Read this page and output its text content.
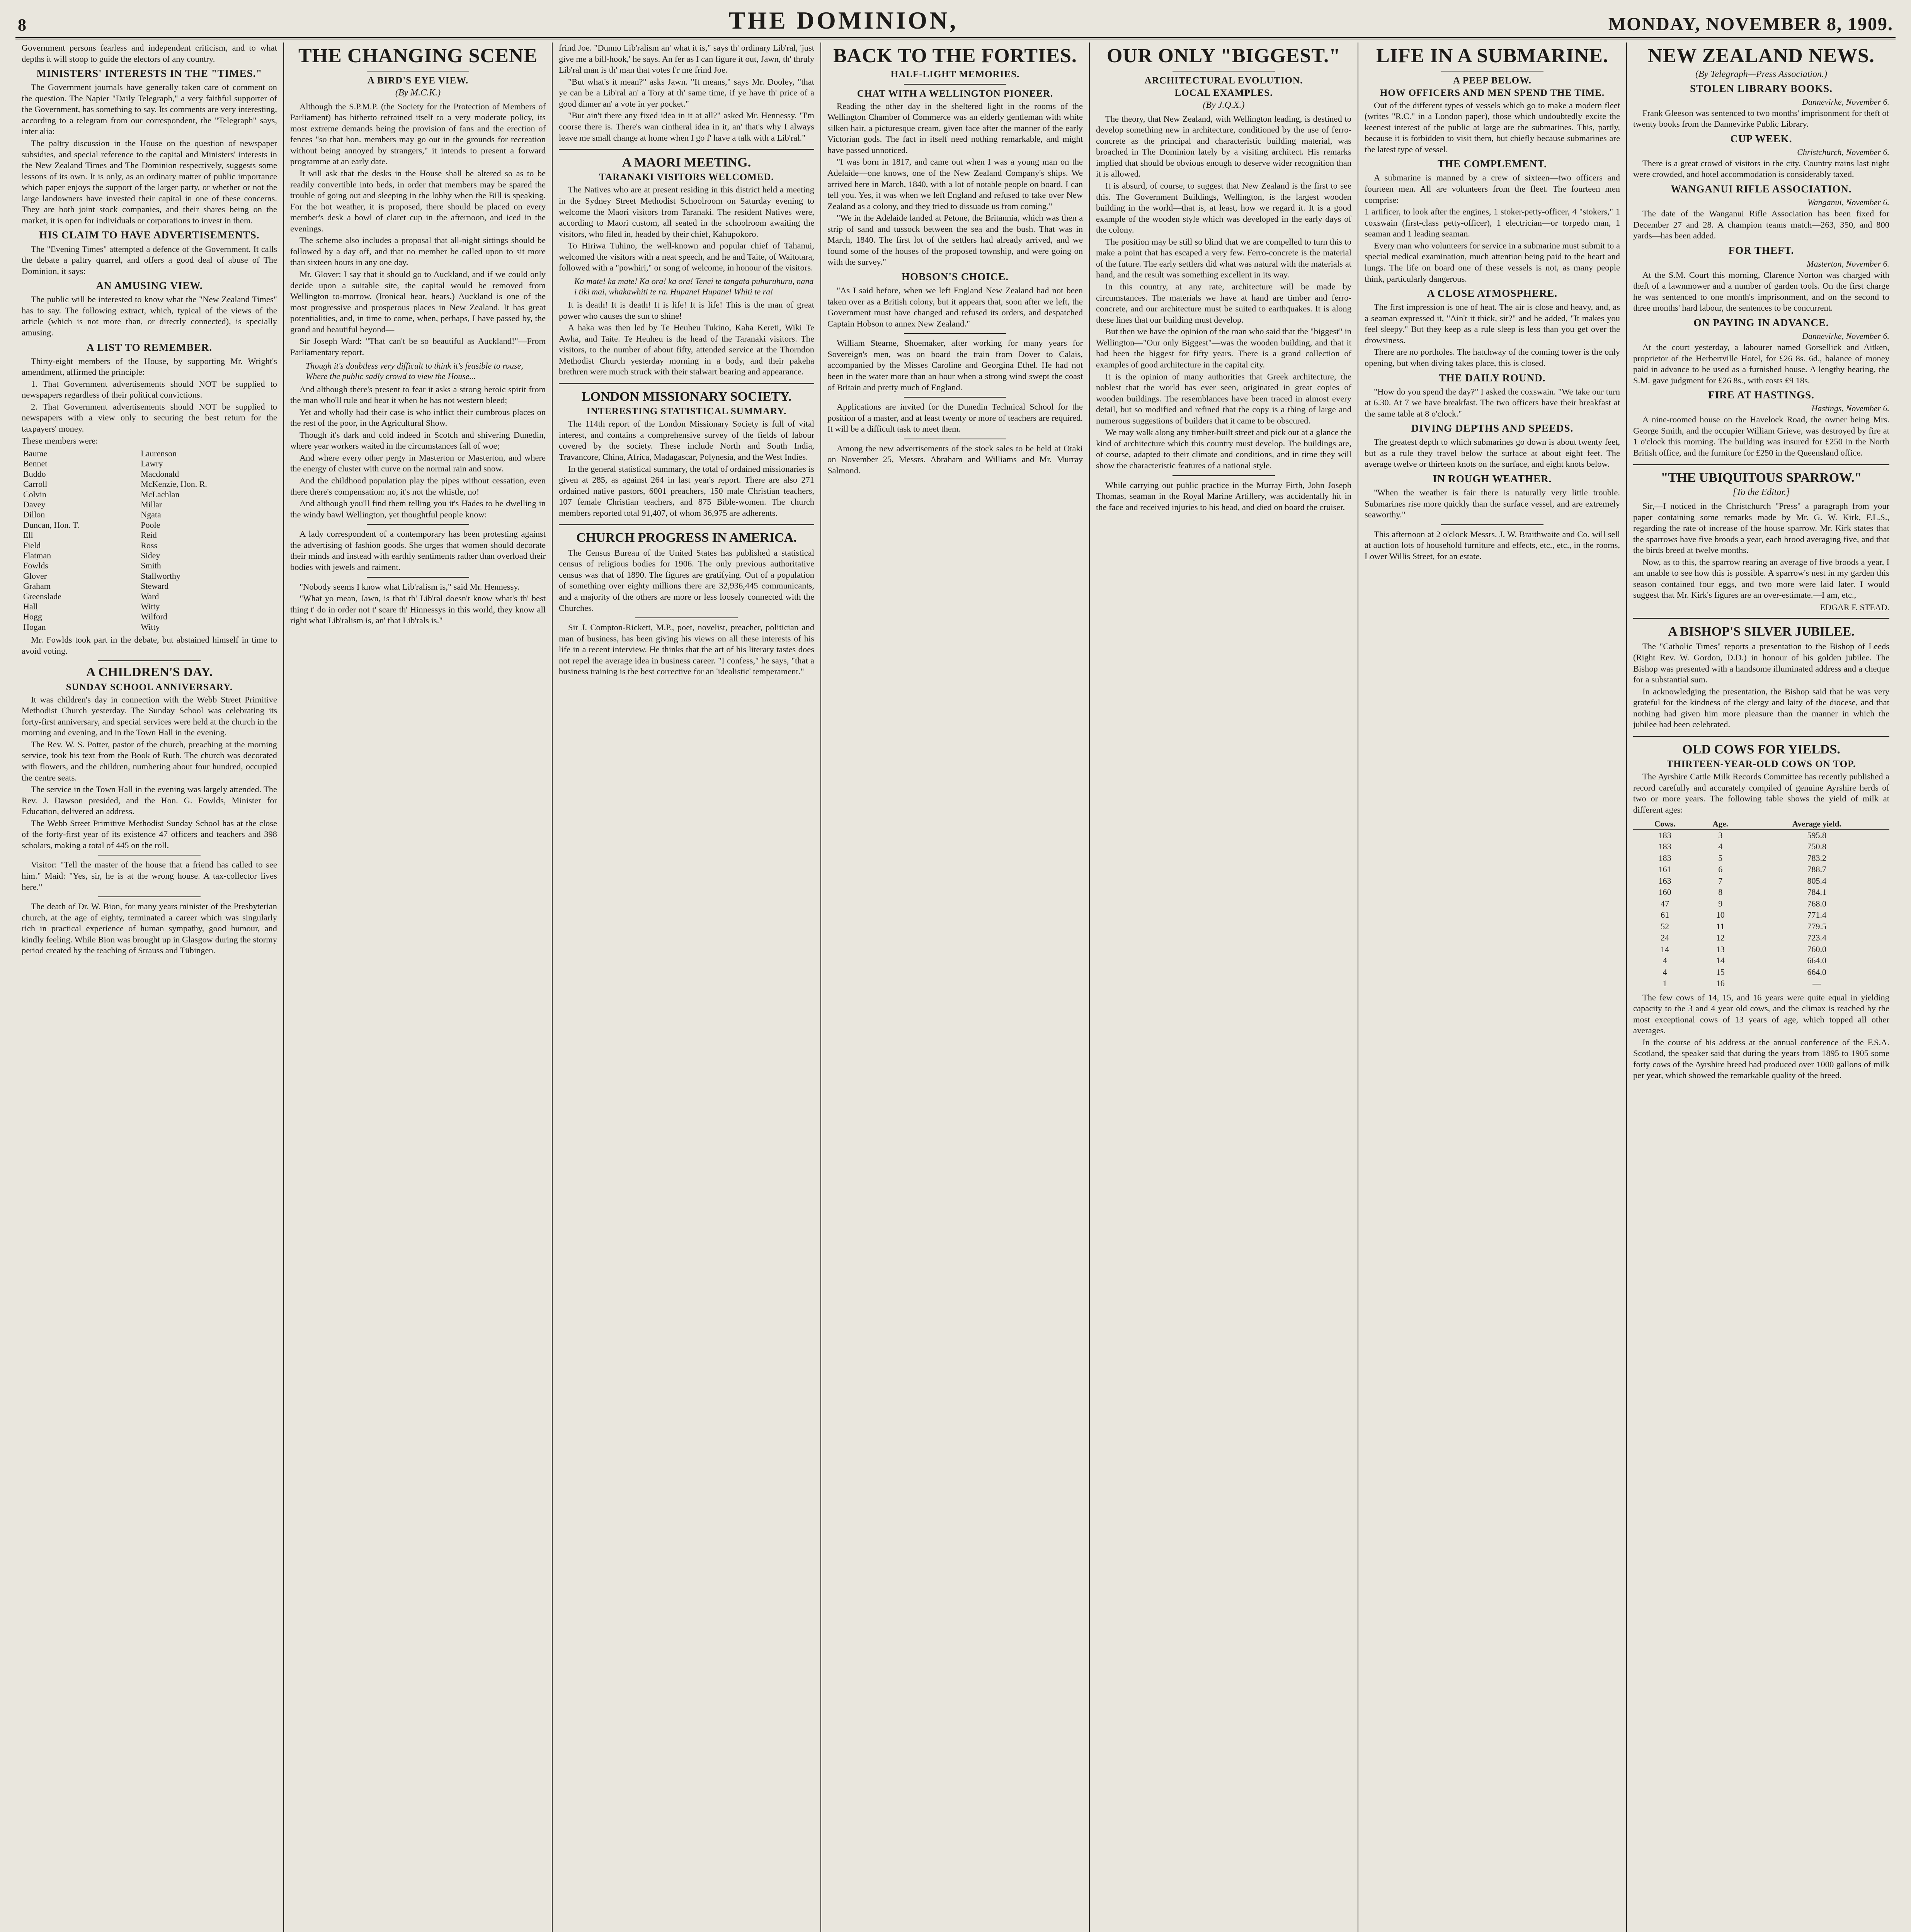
8	THE DOMINION,	MONDAY, NOVEMBER 8, 1909.

Government persons fearless and independent criticism, and to what depths it will stoop to guide the electors of any country.

MINISTERS' INTERESTS IN THE "TIMES."

The Government journals have generally taken care of comment on the question. The Napier "Daily Telegraph," a very faithful supporter of the Government, has something to say. Its comments are very interesting, according to a telegram from our correspondent, the "Telegraph" says, inter alia:

The paltry discussion in the House on the question of newspaper subsidies, and special reference to the capital and Ministers' interests in the New Zealand Times and The Dominion respectively, suggests some lessons of its own. It is only, as an ordinary matter of public importance which paper enjoys the support of the larger party, or whether or not the large landowners have invested their capital in one of these concerns. They are both joint stock companies, and their shares being on the market, it is open for individuals or corporations to invest in them.

HIS CLAIM TO HAVE ADVERTISEMENTS.

The "Evening Times" attempted a defence of the Government. It calls the debate a paltry quarrel, and offers a good deal of abuse of The Dominion, it says:

AN AMUSING VIEW.

The public will be interested to know what the "New Zealand Times" has to say. The following extract, which, typical of the views of the article (which is not more than, or directly connected), is specially amusing.

A LIST TO REMEMBER.

Thirty-eight members of the House, by supporting Mr. Wright's amendment, affirmed the principle:

1. That Government advertisements should NOT be supplied to newspapers regardless of their political convictions.

2. That Government advertisements should NOT be supplied to newspapers with a view only to securing the best return for the taxpayers' money.

These members were:

Baume	Laurenson
Bennet	Lawry
Buddo	Macdonald
Carroll	McKenzie, Hon. R.
Colvin	McLachlan
Davey	Millar
Dillon	Ngata
Duncan, Hon. T.	Poole
Ell	Reid
Field	Ross
Flatman	Sidey
Fowlds	Smith
Glover	Stallworthy
Graham	Steward
Greenslade	Ward
Hall	Witty
Hogg	Wilford
Hogan	Witty

Mr. Fowlds took part in the debate, but abstained himself in time to avoid voting.

A CHILDREN'S DAY.
SUNDAY SCHOOL ANNIVERSARY.

It was children's day in connection with the Webb Street Primitive Methodist Church yesterday. The Sunday School was celebrating its forty-first anniversary, and special services were held at the church in the morning and evening, and in the Town Hall in the evening.

The Rev. W. S. Potter, pastor of the church, preaching at the morning service, took his text from the Book of Ruth. The church was decorated with flowers, and the children, numbering about four hundred, occupied the centre seats.

The service in the Town Hall in the evening was largely attended. The Rev. J. Dawson presided, and the Hon. G. Fowlds, Minister for Education, delivered an address.

The Webb Street Primitive Methodist Sunday School has at the close of the forty-first year of its existence 47 officers and teachers and 398 scholars, making a total of 445 on the roll.

Visitor: "Tell the master of the house that a friend has called to see him." Maid: "Yes, sir, he is at the wrong house. A tax-collector lives here."

The death of Dr. W. Bion, for many years minister of the Presbyterian church, at the age of eighty, terminated a career which was singularly rich in practical experience of human sympathy, good humour, and kindly feeling. While Bion was brought up in Glasgow during the stormy period created by the teaching of Strauss and Tübingen.

THE CHANGING SCENE
A BIRD'S EYE VIEW.
(By M.C.K.)

Although the S.P.M.P. (the Society for the Protection of Members of Parliament) has hitherto refrained itself to a very moderate policy, its most extreme demands being the provision of fans and the erection of fences "so that hon. members may go out in the grounds for recreation without being annoyed by strangers," it intends to present a forward programme at an early date.

It will ask that the desks in the House shall be altered so as to be readily convertible into beds, in order that members may be spared the trouble of going out and sleeping in the lobby when the Bill is speaking. For the hot weather, it is proposed, there should be placed on every member's desk a bowl of claret cup in the afternoon, and iced in the evenings.

The scheme also includes a proposal that all-night sittings should be followed by a day off, and that no member be called upon to sit more than sixteen hours in any one day.

Mr. Glover: I say that it should go to Auckland, and if we could only decide upon a suitable site, the capital would be removed from Wellington to-morrow. (Ironical hear, hears.) Auckland is one of the most progressive and prosperous places in New Zealand. It has great potentialities, and, in time to come, when, perhaps, I have passed by, the grand and beautiful beyond—

Sir Joseph Ward: "That can't be so beautiful as Auckland!"—From Parliamentary report.

Though it's doubtless very difficult to think it's feasible to rouse, Where the public sadly crowd to view the House...

And although there's present to fear it asks a strong heroic spirit from the man who'll rule and bear it when he has not western bleed;

Yet and wholly had their case is who inflict their cumbrous places on the rest of the poor, in the Agricultural Show.

Though it's dark and cold indeed in Scotch and shivering Dunedin, where year workers waited in the circumstances fall of woe;

And where every other pergy in Masterton or Masterton, and where the energy of cluster with curve on the normal rain and snow.

And the childhood population play the pipes without cessation, even there there's compensation: no, it's not the whistle, no!

And although you'll find them telling you it's Hades to be dwelling in the windy bawl Wellington, yet thoughtful people know:

A lady correspondent of a contemporary has been protesting against the advertising of fashion goods. She urges that women should decorate their minds and instead with earthly sentiments rather than overload their bodies with jewels and raiment.

"Nobody seems I know what Lib'ralism is," said Mr. Hennessy.

"What yo mean, Jawn, is that th' Lib'ral doesn't know what's th' best thing t' do in order not t' scare th' Hinnessys in this world, they know all right what Lib'ralism is, an' that Lib'rals is."

frind Joe. "Dunno Lib'ralism an' what it is," says th' ordinary Lib'ral, 'just give me a bill-hook,' he says. An fer as I can figure it out, Jawn, th' thruly Lib'ral man is th' man that votes f'r me frind Joe.

"But what's it mean?" asks Jawn. "It means," says Mr. Dooley, "that ye can be a Lib'ral an' a Tory at th' same time, if ye have th' price of a good dinner an' a vote in yer pocket."

"But ain't there any fixed idea in it at all?" asked Mr. Hennessy. "I'm coorse there is. There's wan cintheral idea in it, an' that's why I always leave me small change at home when I go f' have a talk with a Lib'ral."

A MAORI MEETING.
TARANAKI VISITORS WELCOMED.

The Natives who are at present residing in this district held a meeting in the Sydney Street Methodist Schoolroom on Saturday evening to welcome the Maori visitors from Taranaki. The resident Natives were, according to Maori custom, all seated in the schoolroom awaiting the visitors, who filed in, headed by their chief, Kahupokoro.

To Hiriwa Tuhino, the well-known and popular chief of Tahanui, welcomed the visitors with a neat speech, and he and Taite, of Waitotara, followed with a "powhiri," or song of welcome, in honour of the visitors.

Ka mate! ka mate! Ka ora! ka ora! Tenei te tangata puhuruhuru, nana i tiki mai, whakawhiti te ra. Hupane! Hupane! Whiti te ra!

It is death! It is death! It is life! It is life! This is the man of great power who causes the sun to shine!

A haka was then led by Te Heuheu Tukino, Kaha Kereti, Wiki Te Awha, and Taite. Te Heuheu is the head of the Taranaki visitors. The visitors, to the number of about fifty, attended service at the Thorndon Methodist Church yesterday morning in a body, and their pakeha brethren were much struck with their stalwart bearing and appearance.

LONDON MISSIONARY SOCIETY.
INTERESTING STATISTICAL SUMMARY.

The 114th report of the London Missionary Society is full of vital interest, and contains a comprehensive survey of the fields of labour covered by the society. These include North and South India, Travancore, China, Africa, Madagascar, Polynesia, and the West Indies.

In the general statistical summary, the total of ordained missionaries is given at 285, as against 264 in last year's report. There are also 271 ordained native pastors, 6001 preachers, 150 male Christian teachers, 107 female Christian teachers, and 875 Bible-women. The church members reported total 91,407, of whom 36,975 are adherents.

CHURCH PROGRESS IN AMERICA.

The Census Bureau of the United States has published a statistical census of religious bodies for 1906. The only previous authoritative census was that of 1890. The figures are gratifying. Out of a population of something over eighty millions there are 32,936,445 communicants, and a majority of the others are more or less loosely connected with the Churches.

Sir J. Compton-Rickett, M.P., poet, novelist, preacher, politician and man of business, has been giving his views on all these interests of his life in a recent interview. He thinks that the art of his literary tastes does not repel the average idea in business career. "I confess," he says, "that a business training is the best corrective for an 'idealistic' temperament."

BACK TO THE FORTIES.
HALF-LIGHT MEMORIES.
CHAT WITH A WELLINGTON PIONEER.

Reading the other day in the sheltered light in the rooms of the Wellington Chamber of Commerce was an elderly gentleman with white silken hair, a picturesque cream, given face after the manner of the early Victorian gods. The fact in itself need nothing remarkable, and might have passed unnoticed.

"I was born in 1817, and came out when I was a young man on the Adelaide—one knows, one of the New Zealand Company's ships. We arrived here in March, 1840, with a lot of notable people on board. I can tell you. Yes, it was when we left England and refused to take over New Zealand as a colony, and they tried to dissuade us from coming."

"We in the Adelaide landed at Petone, the Britannia, which was then a strip of sand and tussock between the sea and the bush. That was in March, 1840. The first lot of the settlers had already arrived, and we found some of the houses of the proposed township, and were going on with the survey."

HOBSON'S CHOICE.

"As I said before, when we left England New Zealand had not been taken over as a British colony, but it appears that, soon after we left, the Government must have changed and refused its orders, and despatched Captain Hobson to annex New Zealand."

William Stearne, Shoemaker, after working for many years for Sovereign's men, was on board the train from Dover to Calais, accompanied by the Misses Caroline and Georgina Ethel. He had not been in the water more than an hour when a strong wind swept the coast of Britain and pretty much of England.

Applications are invited for the Dunedin Technical School for the position of a master, and at least twenty or more of teachers are required. It will be a difficult task to meet them.

Among the new advertisements of the stock sales to be held at Otaki on November 25, Messrs. Abraham and Williams and Mr. Murray Salmond.

OUR ONLY "BIGGEST."
ARCHITECTURAL EVOLUTION.
LOCAL EXAMPLES.
(By J.Q.X.)

The theory, that New Zealand, with Wellington leading, is destined to develop something new in architecture, conditioned by the use of ferro-concrete as the principal and characteristic building material, was broached in The Dominion lately by a visiting architect. His remarks implied that should be obvious enough to deserve wider recognition than it is allowed.

It is absurd, of course, to suggest that New Zealand is the first to see this. The Government Buildings, Wellington, is the largest wooden building in the world—that is, at least, how we regard it. It is a good example of the wooden style which was developed in the early days of the colony.

The position may be still so blind that we are compelled to turn this to make a point that has escaped a very few. Ferro-concrete is the material of the future. The early settlers did what was natural with the materials at hand, and the result was something excellent in its way.

In this country, at any rate, architecture will be made by circumstances. The materials we have at hand are timber and ferro-concrete, and our architecture must be suited to earthquakes. It is along these lines that our building must develop.

But then we have the opinion of the man who said that the "biggest" in Wellington—"Our only Biggest"—was the wooden building, and that it had been the biggest for fifty years. There is a grand collection of examples of good architecture in the capital city.

It is the opinion of many authorities that Greek architecture, the noblest that the world has ever seen, originated in great copies of wooden buildings. The resemblances have been traced in almost every detail, but so modified and refined that the copy is a thing of large and numerous suggestions of builders that it came to be obscured.

We may walk along any timber-built street and pick out at a glance the kind of architecture which this country must develop. The buildings are, of course, adapted to their climate and conditions, and in time they will show the characteristic features of a national style.

While carrying out public practice in the Murray Firth, John Joseph Thomas, seaman in the Royal Marine Artillery, was accidentally hit in the face and received injuries to his head, and died on board the cruiser.

LIFE IN A SUBMARINE.
A PEEP BELOW.
HOW OFFICERS AND MEN SPEND THE TIME.

Out of the different types of vessels which go to make a modern fleet (writes "R.C." in a London paper), those which undoubtedly excite the keenest interest of the public at large are the submarines. This, partly, because it is forbidden to visit them, but chiefly because submarines are the latest type of vessel.

THE COMPLEMENT.

A submarine is manned by a crew of sixteen—two officers and fourteen men. All are volunteers from the fleet. The fourteen men comprise:

1 artificer, to look after the engines, 1 stoker-petty-officer, 4 "stokers," 1 coxswain (first-class petty-officer), 1 electrician—or torpedo man, 1 seaman and 1 leading seaman.

Every man who volunteers for service in a submarine must submit to a special medical examination, much attention being paid to the heart and lungs. The life on board one of these vessels is not, as many people think, particularly dangerous.

A CLOSE ATMOSPHERE.

The first impression is one of heat. The air is close and heavy, and, as a seaman expressed it, "Ain't it thick, sir?" and he added, "It makes you feel sleepy." But they keep as a rule sleep is less than you get over the drowsiness.

There are no portholes. The hatchway of the conning tower is the only opening, but when diving takes place, this is closed.

THE DAILY ROUND.

"How do you spend the day?" I asked the coxswain. "We take our turn at 6.30. At 7 we have breakfast. The two officers have their breakfast at the same table at 8 o'clock."

DIVING DEPTHS AND SPEEDS.

The greatest depth to which submarines go down is about twenty feet, but as a rule they travel below the surface at about eight feet. The average twelve or thirteen knots on the surface, and eight knots below.

IN ROUGH WEATHER.

"When the weather is fair there is naturally very little trouble. Submarines rise more quickly than the surface vessel, and are extremely seaworthy."

This afternoon at 2 o'clock Messrs. J. W. Braithwaite and Co. will sell at auction lots of household furniture and effects, etc., etc., in the rooms, Lower Willis Street, for an estate.

NEW ZEALAND NEWS.
(By Telegraph—Press Association.)
STOLEN LIBRARY BOOKS.
Dannevirke, November 6.

Frank Gleeson was sentenced to two months' imprisonment for theft of twenty books from the Dannevirke Public Library.

CUP WEEK.
Christchurch, November 6.

There is a great crowd of visitors in the city. Country trains last night were crowded, and hotel accommodation is considerably taxed.

WANGANUI RIFLE ASSOCIATION.
Wanganui, November 6.

The date of the Wanganui Rifle Association has been fixed for December 27 and 28. A champion teams match—263, 350, and 800 yards—has been added.

FOR THEFT.
Masterton, November 6.

At the S.M. Court this morning, Clarence Norton was charged with theft of a lawnmower and a number of garden tools. On the first charge he was sentenced to one month's imprisonment, and on the second to three months' hard labour, the sentences to be concurrent.

ON PAYING IN ADVANCE.
Dannevirke, November 6.

At the court yesterday, a labourer named Gorsellick and Aitken, proprietor of the Herbertville Hotel, for £26 8s. 6d., balance of money paid in advance to be used as a furnished house. A lengthy hearing, the S.M. gave judgment for £26 8s., with costs £9 18s.

FIRE AT HASTINGS.
Hastings, November 6.

A nine-roomed house on the Havelock Road, the owner being Mrs. George Smith, and the occupier William Grieve, was destroyed by fire at 1 o'clock this morning. The building was insured for £250 in the North British office, and the furniture for £250 in the Queensland office.

"THE UBIQUITOUS SPARROW."
[To the Editor.]

Sir,—I noticed in the Christchurch "Press" a paragraph from your paper containing some remarks made by Mr. G. W. Kirk, F.L.S., regarding the rate of increase of the house sparrow. Mr. Kirk states that the sparrows have five broods a year, each brood averaging five, and that the birds breed at twelve months.

Now, as to this, the sparrow rearing an average of five broods a year, I am unable to see how this is possible. A sparrow's nest in my garden this season contained four eggs, and two more were laid later. I would suggest that Mr. Kirk's figures are an over-estimate.—I am, etc.,

EDGAR F. STEAD.
A BISHOP'S SILVER JUBILEE.

The "Catholic Times" reports a presentation to the Bishop of Leeds (Right Rev. W. Gordon, D.D.) in honour of his golden jubilee. The Bishop was presented with a handsome illuminated address and a cheque for a substantial sum.

In acknowledging the presentation, the Bishop said that he was very grateful for the kindness of the clergy and laity of the diocese, and that nothing had given him more pleasure than the manner in which the jubilee had been celebrated.

OLD COWS FOR YIELDS.
THIRTEEN-YEAR-OLD COWS ON TOP.

The Ayrshire Cattle Milk Records Committee has recently published a record carefully and accurately compiled of genuine Ayrshire herds of two or more years. The following table shows the yield of milk at different ages:

Cows.	Age.	Average yield.
183	3	595.8
183	4	750.8
183	5	783.2
161	6	788.7
163	7	805.4
160	8	784.1
47	9	768.0
61	10	771.4
52	11	779.5
24	12	723.4
14	13	760.0
4	14	664.0
4	15	664.0
1	16	—

The few cows of 14, 15, and 16 years were quite equal in yielding capacity to the 3 and 4 year old cows, and the climax is reached by the most exceptional cows of 13 years of age, which topped all other averages.

In the course of his address at the annual conference of the F.S.A. Scotland, the speaker said that during the years from 1895 to 1905 some forty cows of the Ayrshire breed had produced over 1000 gallons of milk per year, which showed the remarkable quality of the breed.
